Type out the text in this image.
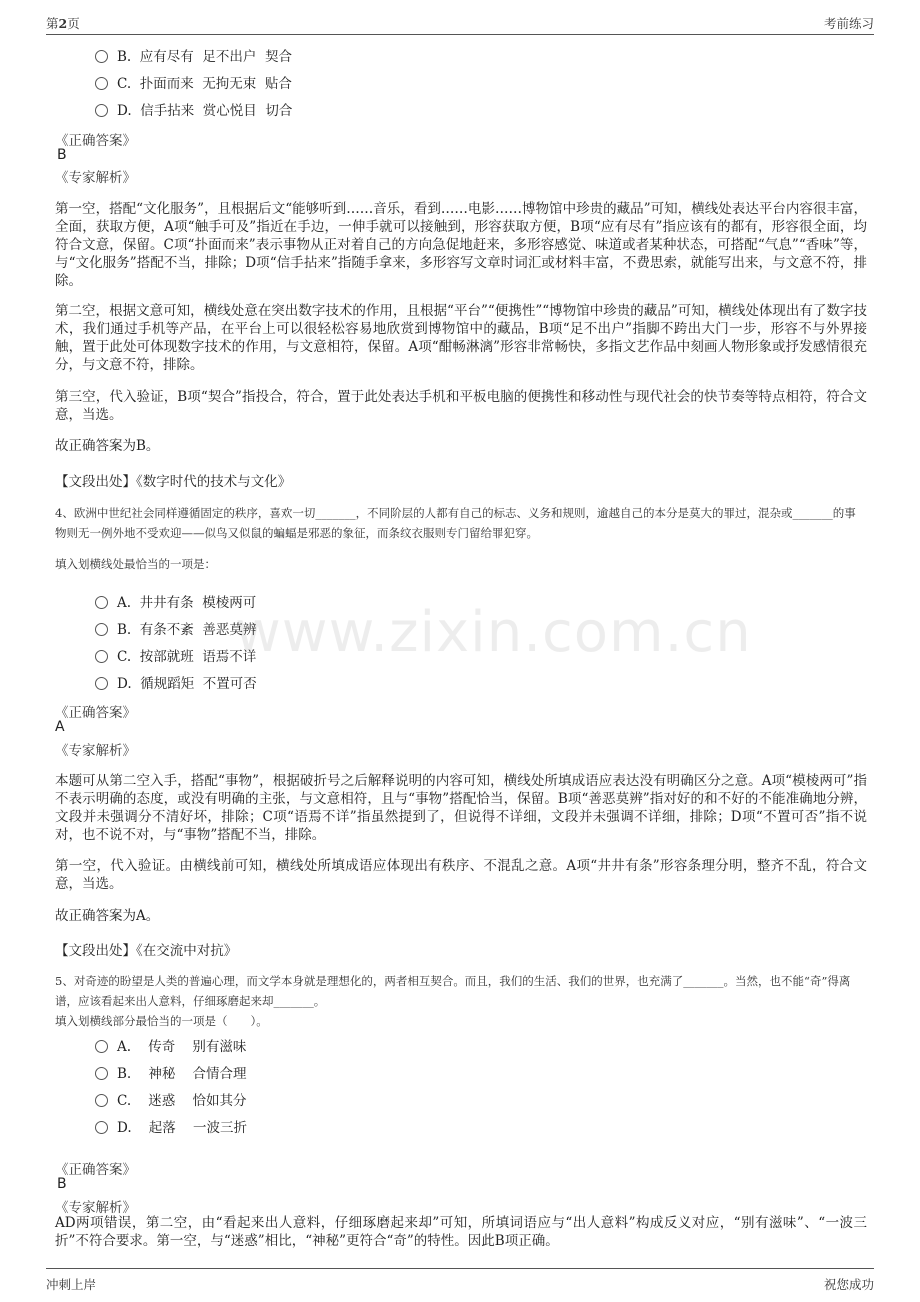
第2页	考前练习
www.zixin.com.cn
B.  应有尽有  足不出户  契合
C.  扑面而来  无拘无束  贴合
D.  信手拈来  赏心悦目  切合
《正确答案》
B
《专家解析》
第一空，搭配“文化服务”，且根据后文“能够听到……音乐，看到……电影……博物馆中珍贵的藏品”可知，横线处表达平台内容很丰富，全面，获取方便，A项“触手可及”指近在手边，一伸手就可以接触到，形容获取方便，B项“应有尽有”指应该有的都有，形容很全面，均符合文意，保留。C项“扑面而来”表示事物从正对着自己的方向急促地赶来，多形容感觉、味道或者某种状态，可搭配“气息”“香味”等，与“文化服务”搭配不当，排除；D项“信手拈来”指随手拿来，多形容写文章时词汇或材料丰富，不费思索，就能写出来，与文意不符，排除。
第二空，根据文意可知，横线处意在突出数字技术的作用，且根据“平台”“便携性”“博物馆中珍贵的藏品”可知，横线处体现出有了数字技术，我们通过手机等产品，在平台上可以很轻松容易地欣赏到博物馆中的藏品，B项“足不出户”指脚不跨出大门一步，形容不与外界接触，置于此处可体现数字技术的作用，与文意相符，保留。A项“酣畅淋漓”形容非常畅快，多指文艺作品中刻画人物形象或抒发感情很充分，与文意不符，排除。
第三空，代入验证，B项“契合”指投合，符合，置于此处表达手机和平板电脑的便携性和移动性与现代社会的快节奏等特点相符，符合文意，当选。
故正确答案为B。
【文段出处】《数字时代的技术与文化》
4、欧洲中世纪社会同样遵循固定的秩序，喜欢一切_______，不同阶层的人都有自己的标志、义务和规则，逾越自己的本分是莫大的罪过，混杂或_______的事物则无一例外地不受欢迎——似鸟又似鼠的蝙蝠是邪恶的象征，而条纹衣服则专门留给罪犯穿。
填入划横线处最恰当的一项是：
A.  井井有条  模棱两可
B.  有条不紊  善恶莫辨
C.  按部就班  语焉不详
D.  循规蹈矩  不置可否
《正确答案》
A
《专家解析》
本题可从第二空入手，搭配“事物”，根据破折号之后解释说明的内容可知，横线处所填成语应表达没有明确区分之意。A项“模棱两可”指不表示明确的态度，或没有明确的主张，与文意相符，且与“事物”搭配恰当，保留。B项“善恶莫辨”指对好的和不好的不能准确地分辨，文段并未强调分不清好坏，排除；C项“语焉不详”指虽然提到了，但说得不详细，文段并未强调不详细，排除；D项“不置可否”指不说对，也不说不对，与“事物”搭配不当，排除。
第一空，代入验证。由横线前可知，横线处所填成语应体现出有秩序、不混乱之意。A项“井井有条”形容条理分明，整齐不乱，符合文意，当选。
故正确答案为A。
【文段出处】《在交流中对抗》
5、对奇迹的盼望是人类的普遍心理，而文学本身就是理想化的，两者相互契合。而且，我们的生活、我们的世界，也充满了_______。当然，也不能“奇”得离谱，应该看起来出人意料，仔细琢磨起来却_______。
填入划横线部分最恰当的一项是（　　）。
A.    传奇    别有滋味
B.    神秘    合情合理
C.    迷惑    恰如其分
D.    起落    一波三折
《正确答案》
B
《专家解析》
AD两项错误，第二空，由“看起来出人意料，仔细琢磨起来却”可知，所填词语应与“出人意料”构成反义对应，“别有滋味”、“一波三折”不符合要求。第一空，与“迷惑”相比，“神秘”更符合“奇”的特性。因此B项正确。
冲刺上岸	祝您成功
